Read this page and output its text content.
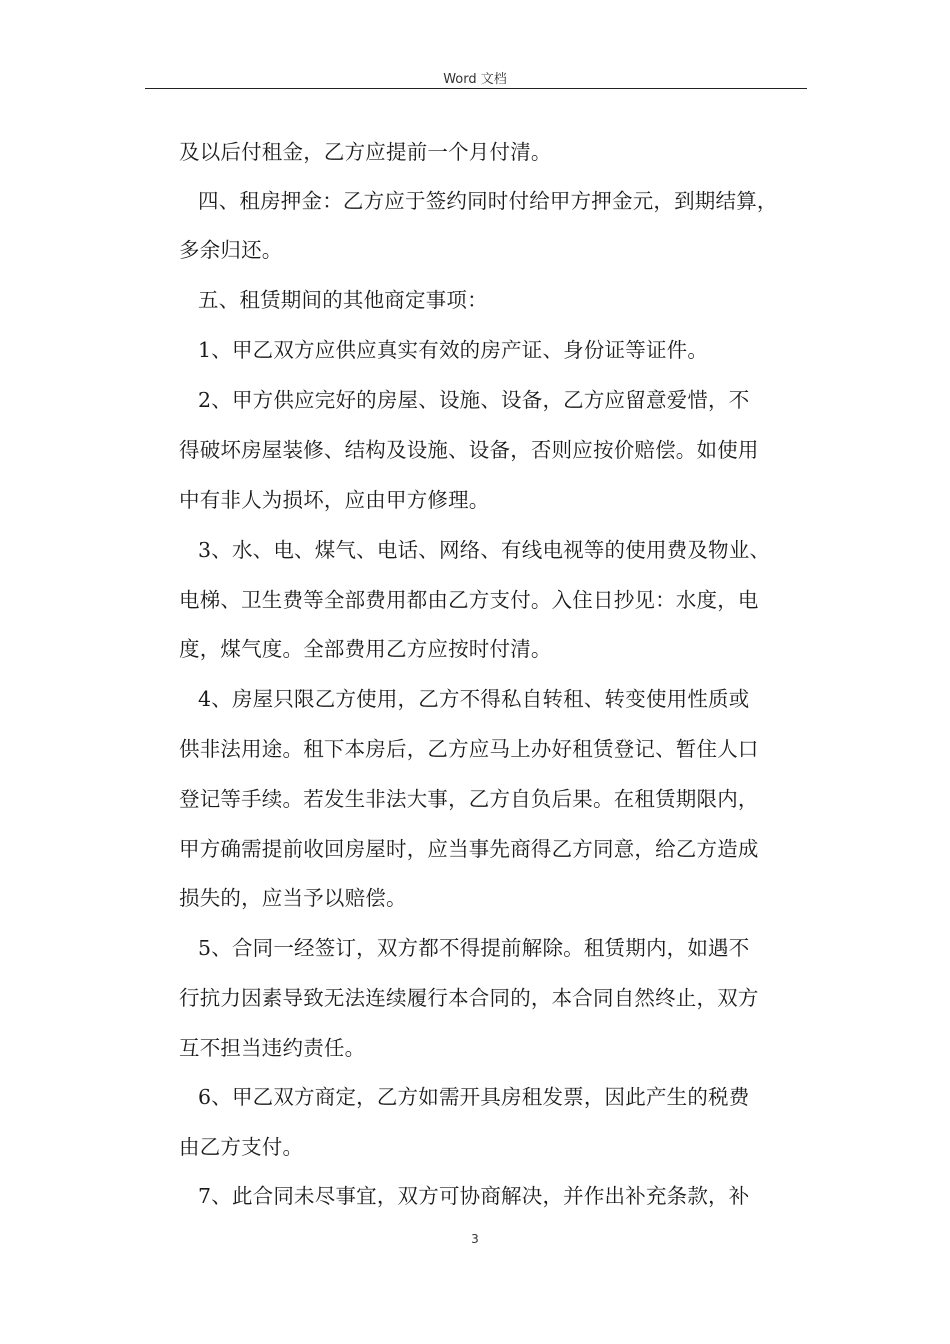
Word 文档
及以后付租金，乙方应提前一个月付清。
四、租房押金：乙方应于签约同时付给甲方押金元，到期结算，
多余归还。
五、租赁期间的其他商定事项：
1、甲乙双方应供应真实有效的房产证、身份证等证件。
2、甲方供应完好的房屋、设施、设备，乙方应留意爱惜，不
得破坏房屋装修、结构及设施、设备，否则应按价赔偿。如使用
中有非人为损坏，应由甲方修理。
3、水、电、煤气、电话、网络、有线电视等的使用费及物业、
电梯、卫生费等全部费用都由乙方支付。入住日抄见：水度，电
度，煤气度。全部费用乙方应按时付清。
4、房屋只限乙方使用，乙方不得私自转租、转变使用性质或
供非法用途。租下本房后，乙方应马上办好租赁登记、暂住人口
登记等手续。若发生非法大事，乙方自负后果。在租赁期限内，
甲方确需提前收回房屋时，应当事先商得乙方同意，给乙方造成
损失的，应当予以赔偿。
5、合同一经签订，双方都不得提前解除。租赁期内，如遇不
行抗力因素导致无法连续履行本合同的，本合同自然终止，双方
互不担当违约责任。
6、甲乙双方商定，乙方如需开具房租发票，因此产生的税费
由乙方支付。
7、此合同未尽事宜，双方可协商解决，并作出补充条款，补
3
